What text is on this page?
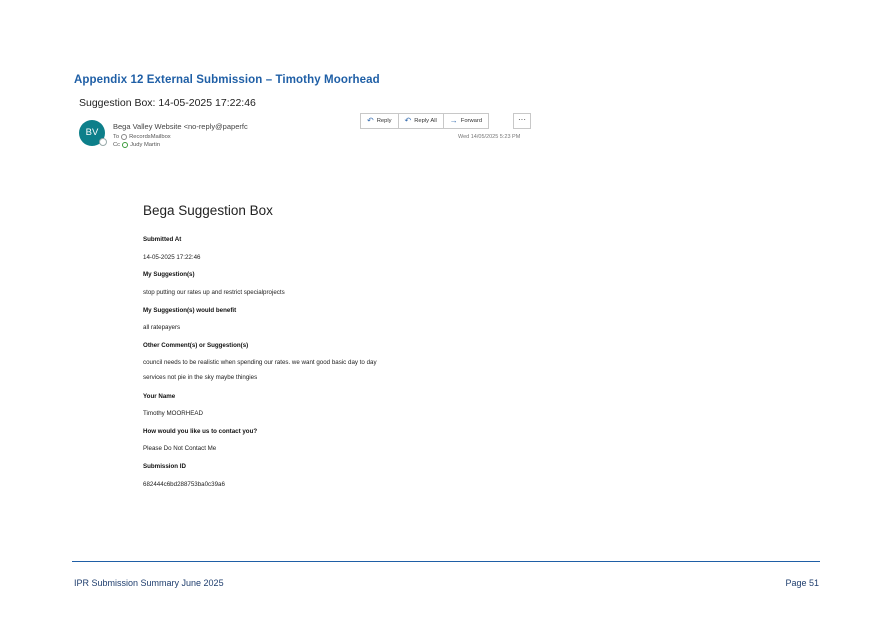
Appendix 12 External Submission – Timothy Moorhead
Suggestion Box: 14-05-2025 17:22:46
BV
Bega Valley Website <no-reply@paperfc
To RecordsMailbox
Cc Judy Martin
↶ Reply ↶ Reply All → Forward	···
Wed 14/05/2025 5:23 PM
Bega Suggestion Box
Submitted At
14-05-2025 17:22:46
My Suggestion(s)
stop putting our rates up and restrict specialprojects
My Suggestion(s) would benefit
all ratepayers
Other Comment(s) or Suggestion(s)
council needs to be realistic when spending our rates. we want good basic day to day
services not pie in the sky maybe thingies
Your Name
Timothy MOORHEAD
How would you like us to contact you?
Please Do Not Contact Me
Submission ID
682444c6bd288753ba0c39a6
IPR Submission Summary June 2025	Page 51
